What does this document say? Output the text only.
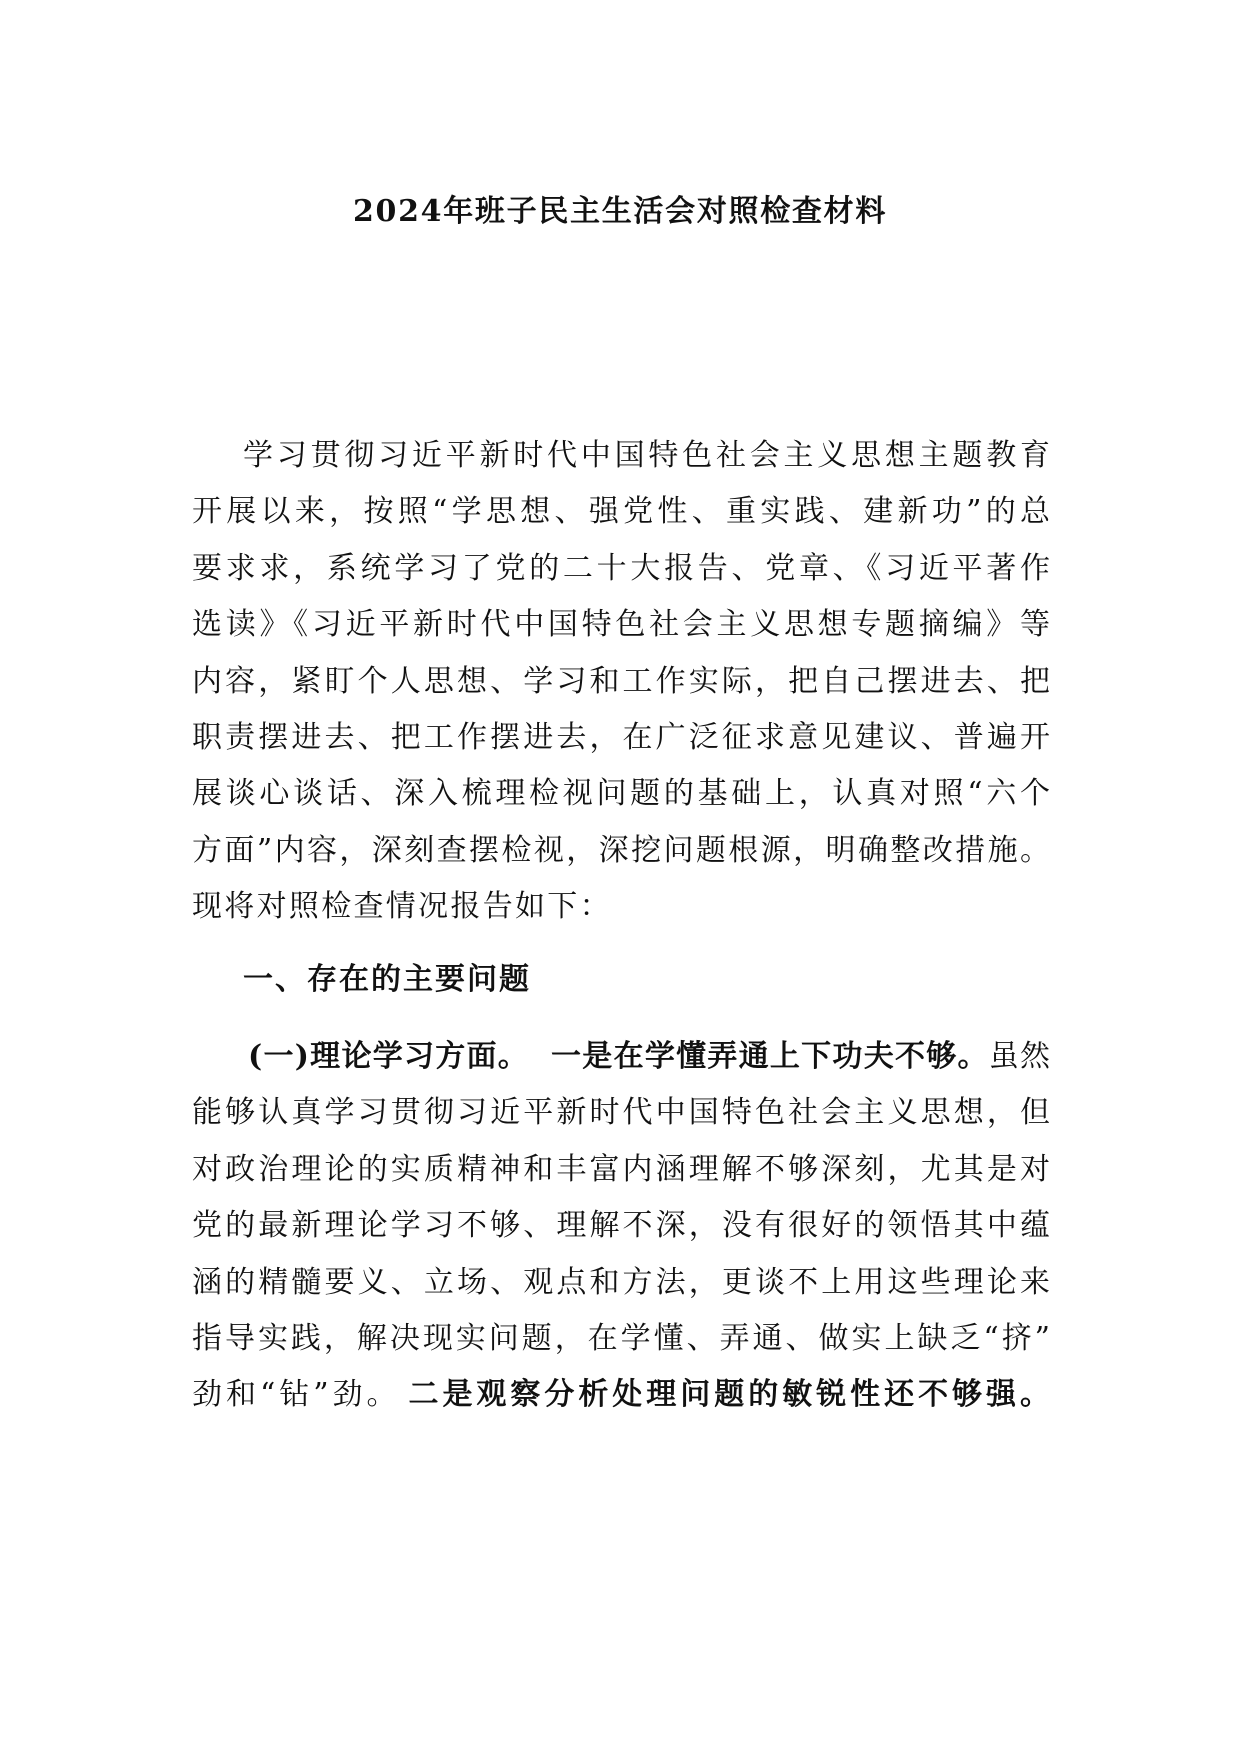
2024年班子民主生活会对照检查材料
学习贯彻习近平新时代中国特色社会主义思想主题教育
开展以来，按照“学思想、强党性、重实践、建新功”的总
要求求，系统学习了党的二十大报告、党章、《习近平著作
选读》《习近平新时代中国特色社会主义思想专题摘编》等
内容，紧盯个人思想、学习和工作实际，把自己摆进去、把
职责摆进去、把工作摆进去，在广泛征求意见建议、普遍开
展谈心谈话、深入梳理检视问题的基础上，认真对照“六个
方面”内容，深刻查摆检视，深挖问题根源，明确整改措施。
现将对照检查情况报告如下：
一、存在的主要问题
(一)理论学习方面。 一是在学懂弄通上下功夫不够。虽然
能够认真学习贯彻习近平新时代中国特色社会主义思想，但
对政治理论的实质精神和丰富内涵理解不够深刻，尤其是对
党的最新理论学习不够、理解不深，没有很好的领悟其中蕴
涵的精髓要义、立场、观点和方法，更谈不上用这些理论来
指导实践，解决现实问题，在学懂、弄通、做实上缺乏“挤”
劲和“钻”劲。 二是观察分析处理问题的敏锐性还不够强。
